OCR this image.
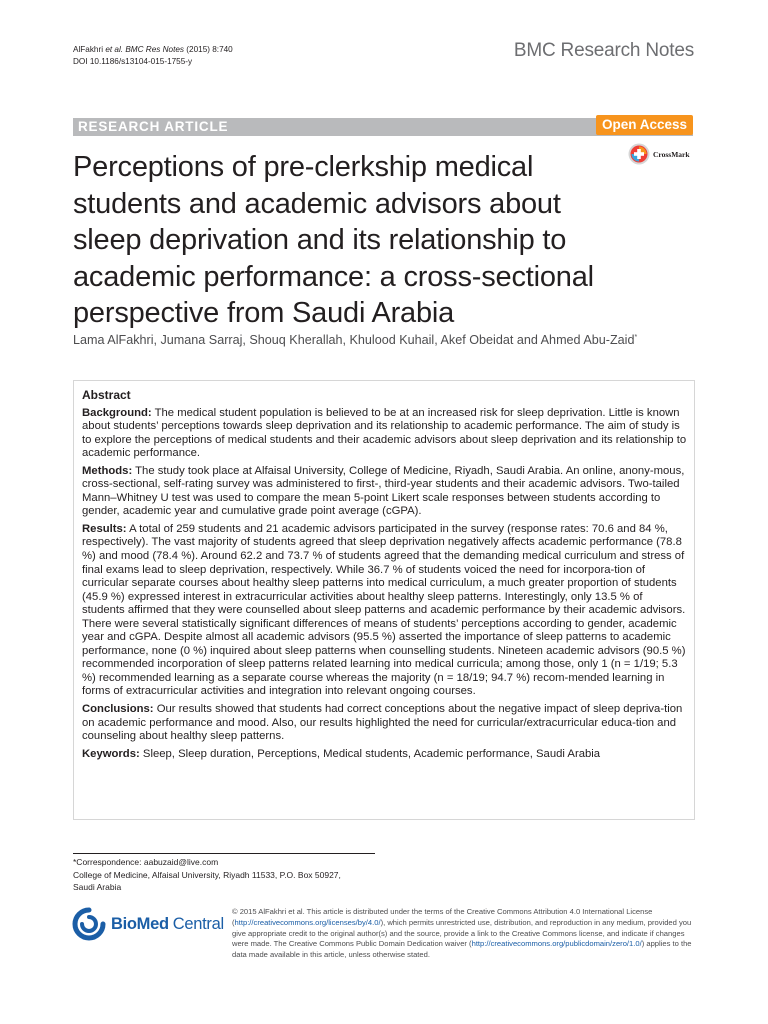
AlFakhri et al. BMC Res Notes (2015) 8:740
DOI 10.1186/s13104-015-1755-y	BMC Research Notes
RESEARCH ARTICLE	Open Access
CrossMark
Perceptions of pre-clerkship medical students and academic advisors about sleep deprivation and its relationship to academic performance: a cross-sectional perspective from Saudi Arabia
Lama AlFakhri, Jumana Sarraj, Shouq Kherallah, Khulood Kuhail, Akef Obeidat and Ahmed Abu-Zaid*
Abstract

Background: The medical student population is believed to be at an increased risk for sleep deprivation. Little is known about students’ perceptions towards sleep deprivation and its relationship to academic performance. The aim of study is to explore the perceptions of medical students and their academic advisors about sleep deprivation and its relationship to academic performance.

Methods: The study took place at Alfaisal University, College of Medicine, Riyadh, Saudi Arabia. An online, anony-mous, cross-sectional, self-rating survey was administered to first-, third-year students and their academic advisors. Two-tailed Mann–Whitney U test was used to compare the mean 5-point Likert scale responses between students according to gender, academic year and cumulative grade point average (cGPA).

Results: A total of 259 students and 21 academic advisors participated in the survey (response rates: 70.6 and 84 %, respectively). The vast majority of students agreed that sleep deprivation negatively affects academic performance (78.8 %) and mood (78.4 %). Around 62.2 and 73.7 % of students agreed that the demanding medical curriculum and stress of final exams lead to sleep deprivation, respectively. While 36.7 % of students voiced the need for incorpora-tion of curricular separate courses about healthy sleep patterns into medical curriculum, a much greater proportion of students (45.9 %) expressed interest in extracurricular activities about healthy sleep patterns. Interestingly, only 13.5 % of students affirmed that they were counselled about sleep patterns and academic performance by their academic advisors. There were several statistically significant differences of means of students’ perceptions according to gender, academic year and cGPA. Despite almost all academic advisors (95.5 %) asserted the importance of sleep patterns to academic performance, none (0 %) inquired about sleep patterns when counselling students. Nineteen academic advisors (90.5 %) recommended incorporation of sleep patterns related learning into medical curricula; among those, only 1 (n = 1/19; 5.3 %) recommended learning as a separate course whereas the majority (n = 18/19; 94.7 %) recom-mended learning in forms of extracurricular activities and integration into relevant ongoing courses.

Conclusions: Our results showed that students had correct conceptions about the negative impact of sleep depriva-tion on academic performance and mood. Also, our results highlighted the need for curricular/extracurricular educa-tion and counseling about healthy sleep patterns.

Keywords: Sleep, Sleep duration, Perceptions, Medical students, Academic performance, Saudi Arabia

*Correspondence: aabuzaid@live.com
College of Medicine, Alfaisal University, Riyadh 11533, P.O. Box 50927,
Saudi Arabia
BioMed Central
© 2015 AlFakhri et al. This article is distributed under the terms of the Creative Commons Attribution 4.0 International License (http://creativecommons.org/licenses/by/4.0/), which permits unrestricted use, distribution, and reproduction in any medium, provided you give appropriate credit to the original author(s) and the source, provide a link to the Creative Commons license, and indicate if changes were made. The Creative Commons Public Domain Dedication waiver (http://creativecommons.org/publicdomain/zero/1.0/) applies to the data made available in this article, unless otherwise stated.
